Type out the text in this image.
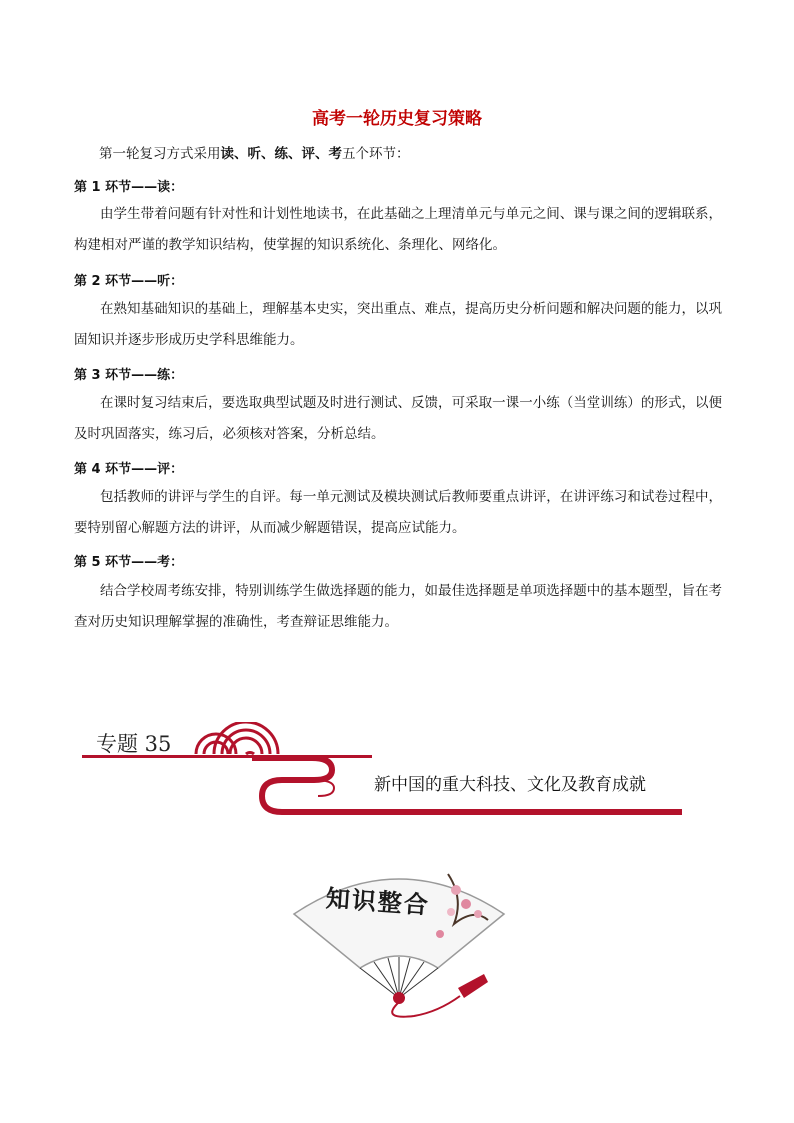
高考一轮历史复习策略
第一轮复习方式采用读、听、练、评、考五个环节：
第 1 环节——读：
由学生带着问题有针对性和计划性地读书，在此基础之上理清单元与单元之间、课与课之间的逻辑联系，构建相对严谨的教学知识结构，使掌握的知识系统化、条理化、网络化。
第 2 环节——听：
在熟知基础知识的基础上，理解基本史实，突出重点、难点，提高历史分析问题和解决问题的能力，以巩固知识并逐步形成历史学科思维能力。
第 3 环节——练：
在课时复习结束后，要选取典型试题及时进行测试、反馈，可采取一课一小练（当堂训练）的形式，以便及时巩固落实，练习后，必须核对答案，分析总结。
第 4 环节——评：
包括教师的讲评与学生的自评。每一单元测试及模块测试后教师要重点讲评，在讲评练习和试卷过程中，要特别留心解题方法的讲评，从而减少解题错误，提高应试能力。
第 5 环节——考：
结合学校周考练安排，特别训练学生做选择题的能力，如最佳选择题是单项选择题中的基本题型，旨在考查对历史知识理解掌握的准确性，考查辩证思维能力。
专题 35
新中国的重大科技、文化及教育成就
知识整合
